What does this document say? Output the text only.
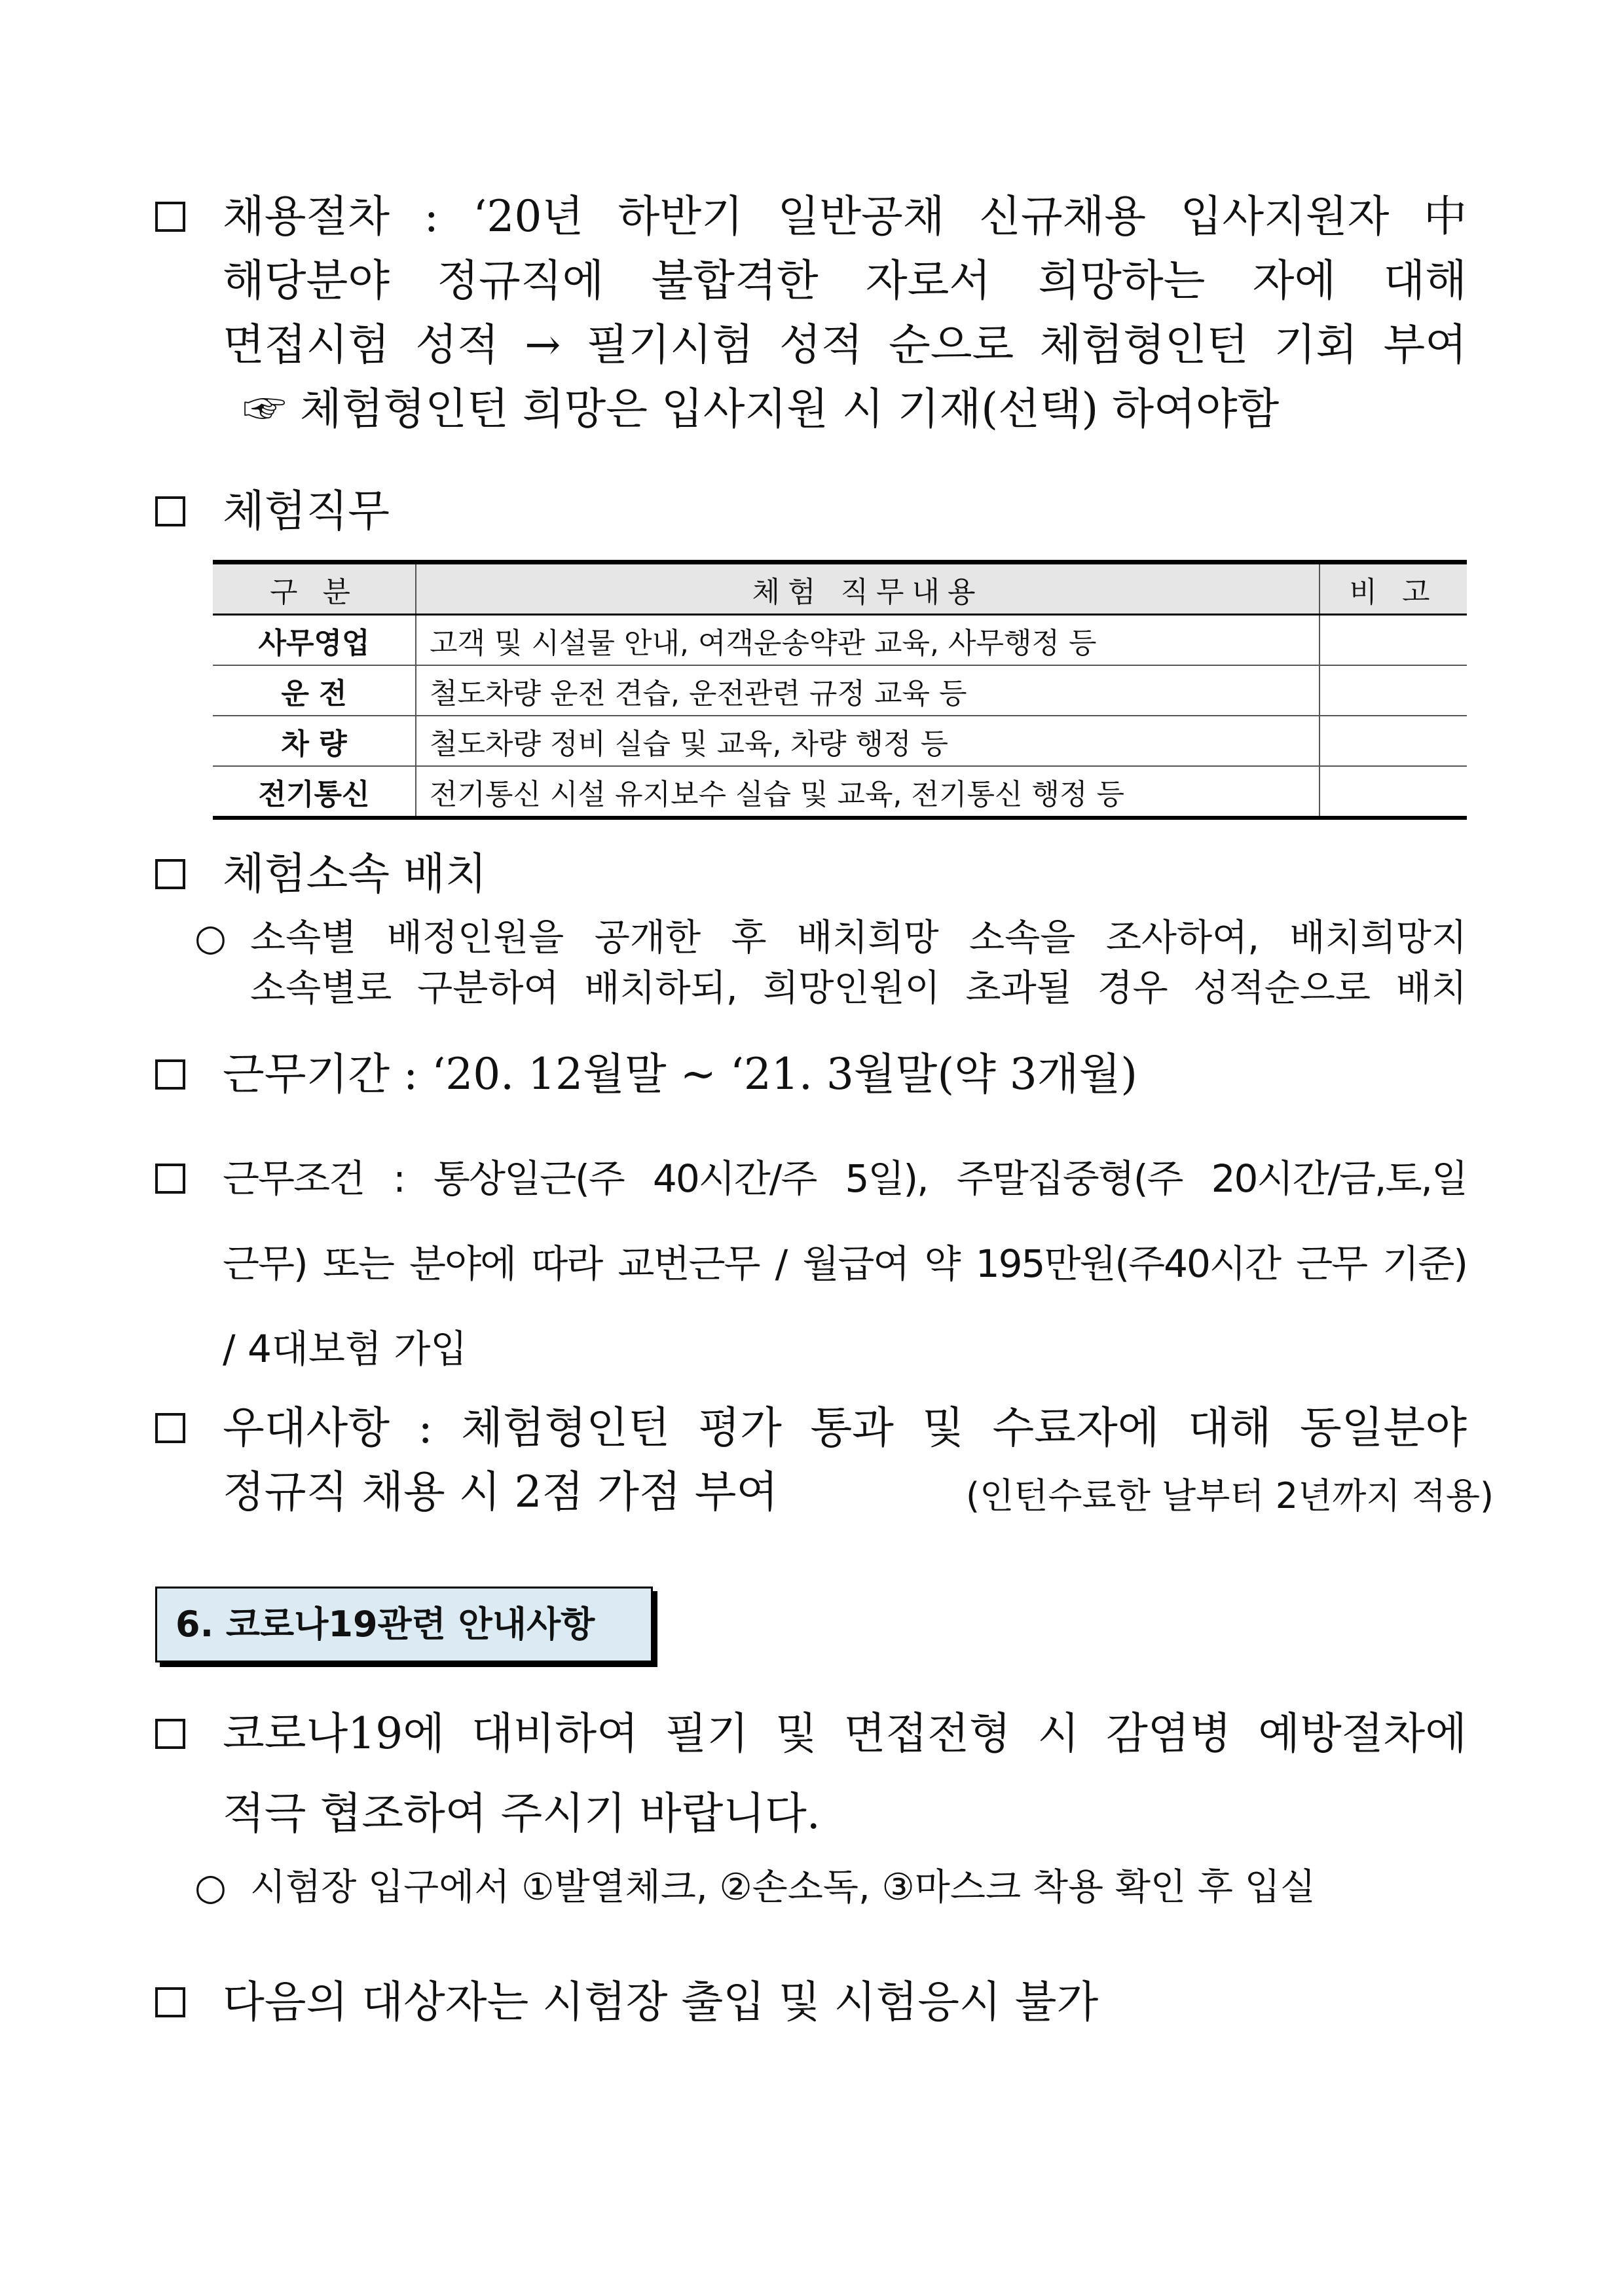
채용절차 : ‘20년 하반기 일반공채 신규채용 입사지원자 中
해당분야 정규직에 불합격한 자로서 희망하는 자에 대해
면접시험 성적 → 필기시험 성적 순으로 체험형인턴 기회 부여
☞ 체험형인턴 희망은 입사지원 시 기재(선택) 하여야함
체험직무
구 분	체험 직무내용	비 고
사무영업	고객 및 시설물 안내, 여객운송약관 교육, 사무행정 등	
운 전	철도차량 운전 견습, 운전관련 규정 교육 등	
차 량	철도차량 정비 실습 및 교육, 차량 행정 등	
전기통신	전기통신 시설 유지보수 실습 및 교육, 전기통신 행정 등	
체험소속 배치
○ 소속별 배정인원을 공개한 후 배치희망 소속을 조사하여, 배치희망지
소속별로 구분하여 배치하되, 희망인원이 초과될 경우 성적순으로 배치
근무기간 : ‘20. 12월말 ~ ‘21. 3월말(약 3개월)
근무조건 : 통상일근(주 40시간/주 5일), 주말집중형(주 20시간/금,토,일
근무) 또는 분야에 따라 교번근무 / 월급여 약 195만원(주40시간 근무 기준)
/ 4대보험 가입
우대사항 : 체험형인턴 평가 통과 및 수료자에 대해 동일분야
정규직 채용 시 2점 가점 부여	(인턴수료한 날부터 2년까지 적용)
6. 코로나19관련 안내사항
코로나19에 대비하여 필기 및 면접전형 시 감염병 예방절차에
적극 협조하여 주시기 바랍니다.
○ 시험장 입구에서 ①발열체크, ②손소독, ③마스크 착용 확인 후 입실
다음의 대상자는 시험장 출입 및 시험응시 불가
